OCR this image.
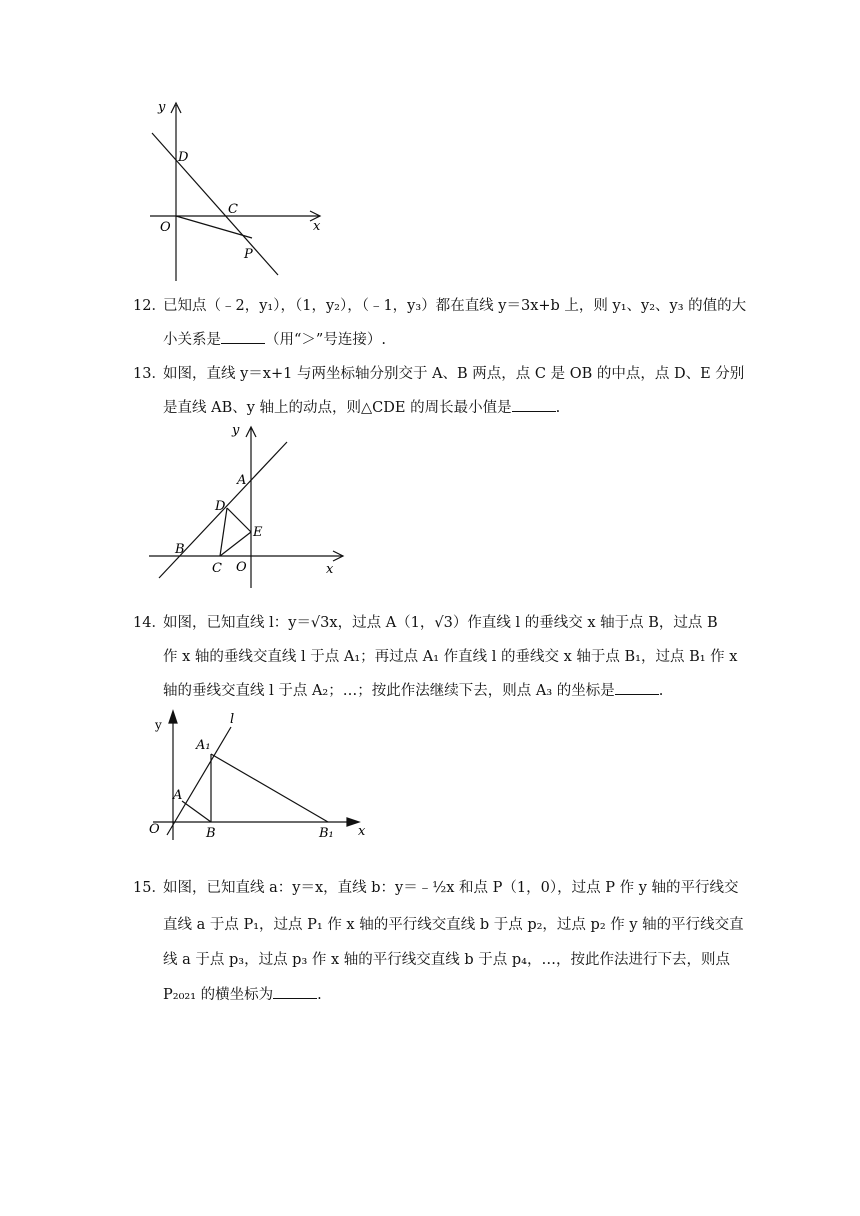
y
x
D
C
O
P
12．
已知点（﹣2，y₁），（1，y₂），（﹣1，y₃）都在直线 y＝3x+b 上，则 y₁、y₂、y₃ 的值的大
小关系是	（用“＞”号连接）.
13．
如图，直线 y＝x+1 与两坐标轴分别交于 A、B 两点，点 C 是 OB 的中点，点 D、E 分别
是直线 AB、y 轴上的动点，则△CDE 的周长最小值是	.
y
x
A
B
C
D
E
O
14．
如图，已知直线 l：y＝√3x，过点 A（1，√3）作直线 l 的垂线交 x 轴于点 B，过点 B
作 x 轴的垂线交直线 l 于点 A₁；再过点 A₁ 作直线 l 的垂线交 x 轴于点 B₁，过点 B₁ 作 x
轴的垂线交直线 l 于点 A₂；…；按此作法继续下去，则点 A₃ 的坐标是	.
y
x
l
A
A₁
B	B₁
O
15．
如图，已知直线 a：y＝x，直线 b：y＝﹣½x 和点 P（1，0），过点 P 作 y 轴的平行线交
直线 a 于点 P₁，过点 P₁ 作 x 轴的平行线交直线 b 于点 p₂，过点 p₂ 作 y 轴的平行线交直
线 a 于点 p₃，过点 p₃ 作 x 轴的平行线交直线 b 于点 p₄，…，按此作法进行下去，则点
P₂₀₂₁ 的横坐标为	.
